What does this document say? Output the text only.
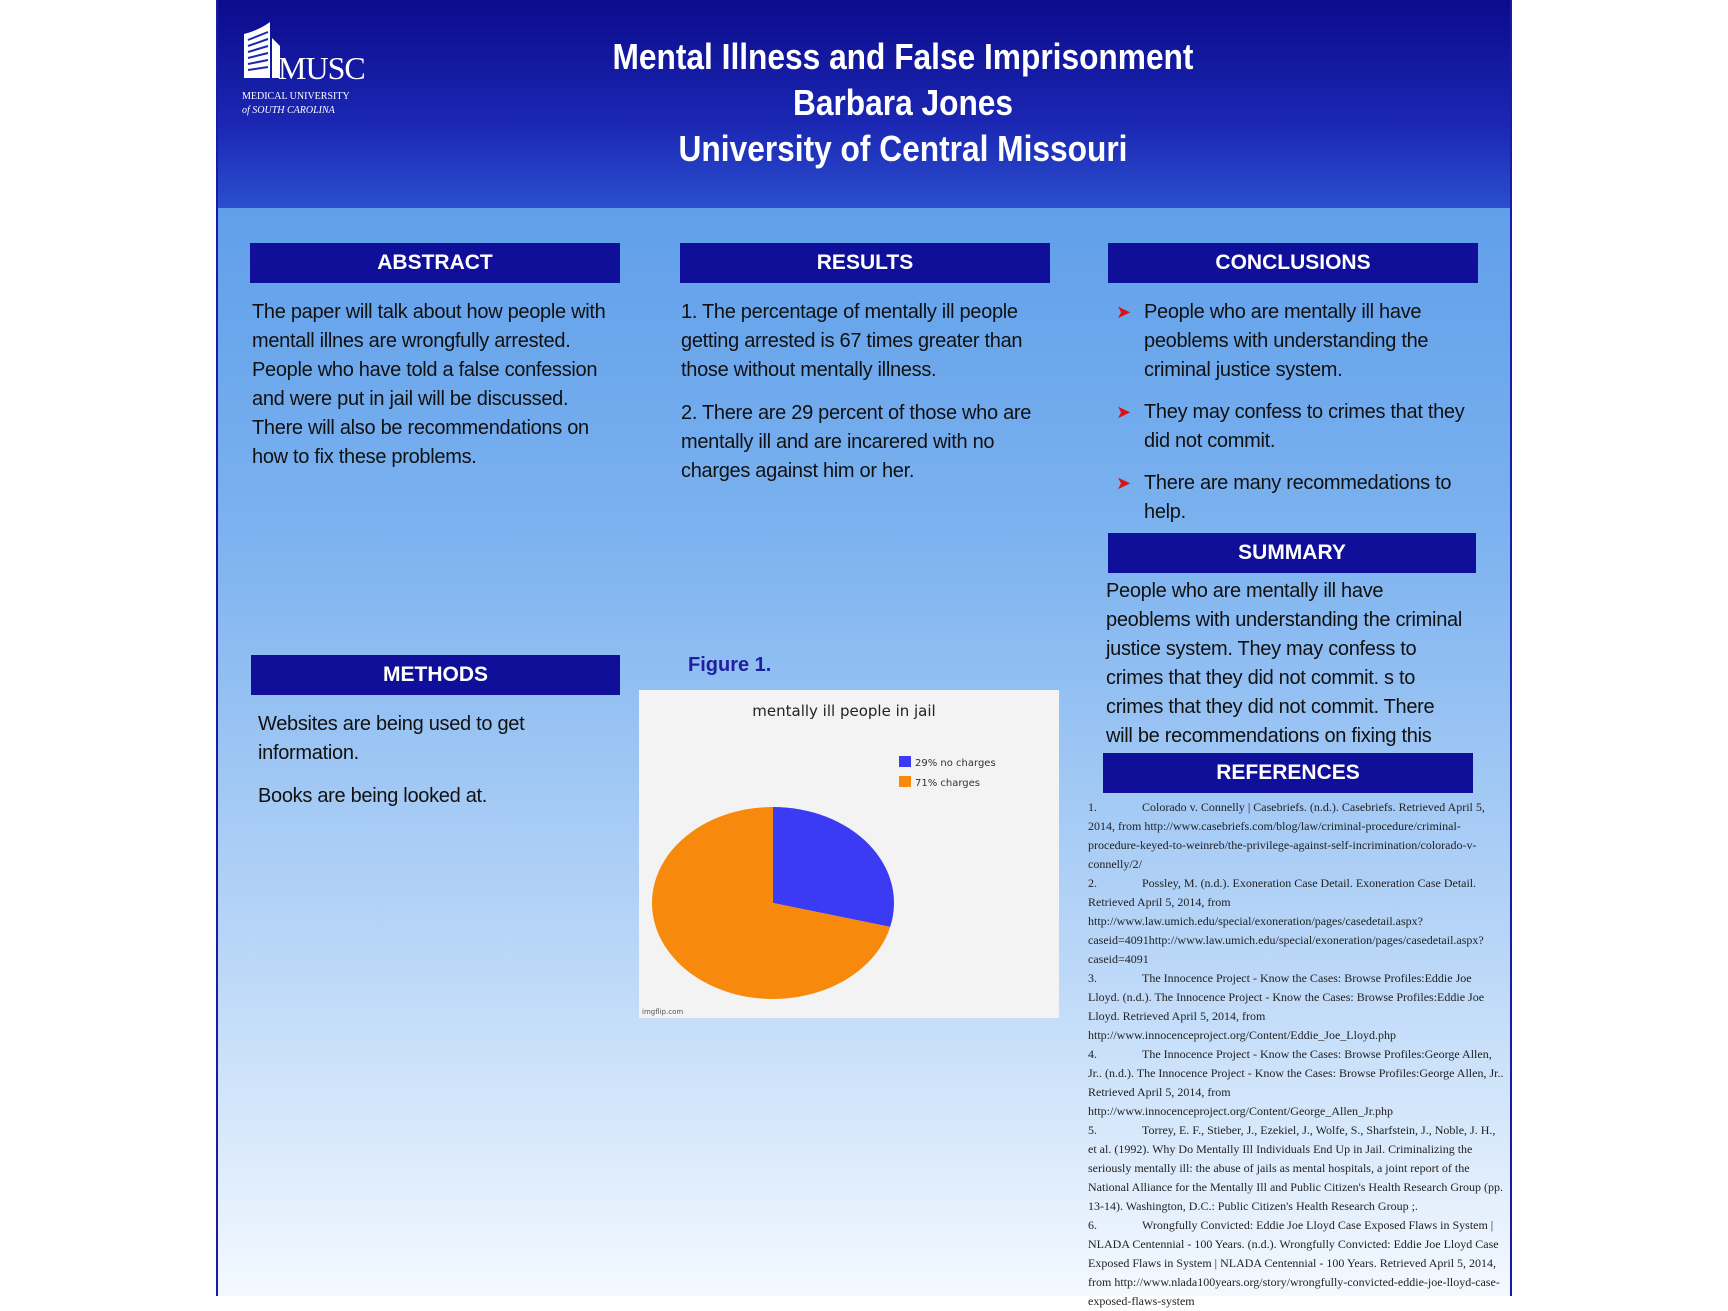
MUSC
MEDICAL UNIVERSITY
of SOUTH CAROLINA
Mental Illness and False Imprisonment
Barbara Jones
University of Central Missouri
ABSTRACT
The paper will talk about how people with mentall illnes are wrongfully arrested. People who have told a false confession and were put in jail will be discussed. There will also be recommendations on how to fix these problems.
RESULTS

1. The percentage of mentally ill people getting arrested is 67 times greater than those without mentally illness.

2. There are 29 percent of those who are mentally ill and are incarered with no charges against him or her.

CONCLUSIONS
➤ People who are mentally ill have peoblems with understanding the criminal justice system.
➤ They may confess to crimes that they did not commit.
➤ There are many recommedations to help.
SUMMARY
People who are mentally ill have peoblems with understanding the criminal justice system. They may confess to crimes that they did not commit. s to crimes that they did not commit. There will be recommendations on fixing this
METHODS

Websites are being used to get information.

Books are being looked at.

Figure 1.
mentally ill people in jail
29% no charges
71% charges
imgflip.com
REFERENCES

1.	Colorado v. Connelly | Casebriefs. (n.d.). Casebriefs. Retrieved April 5, 2014, from http://www.casebriefs.com/blog/law/criminal-procedure/criminal-procedure-keyed-to-weinreb/the-privilege-against-self-incrimination/colorado-v-connelly/2/

2.	Possley, M. (n.d.). Exoneration Case Detail. Exoneration Case Detail. Retrieved April 5, 2014, from http://www.law.umich.edu/special/exoneration/pages/casedetail.aspx?caseid=4091http://www.law.umich.edu/special/exoneration/pages/casedetail.aspx?caseid=4091

3.	The Innocence Project - Know the Cases: Browse Profiles:Eddie Joe Lloyd. (n.d.). The Innocence Project - Know the Cases: Browse Profiles:Eddie Joe Lloyd. Retrieved April 5, 2014, from http://www.innocenceproject.org/Content/Eddie_Joe_Lloyd.php

4.	The Innocence Project - Know the Cases: Browse Profiles:George Allen, Jr.. (n.d.). The Innocence Project - Know the Cases: Browse Profiles:George Allen, Jr.. Retrieved April 5, 2014, from http://www.innocenceproject.org/Content/George_Allen_Jr.php

5.	Torrey, E. F., Stieber, J., Ezekiel, J., Wolfe, S., Sharfstein, J., Noble, J. H., et al. (1992). Why Do Mentally Ill Individuals End Up in Jail. Criminalizing the seriously mentally ill: the abuse of jails as mental hospitals, a joint report of the National Alliance for the Mentally Ill and Public Citizen's Health Research Group (pp. 13-14). Washington, D.C.: Public Citizen's Health Research Group ;.

6.	Wrongfully Convicted: Eddie Joe Lloyd Case Exposed Flaws in System | NLADA Centennial - 100 Years. (n.d.). Wrongfully Convicted: Eddie Joe Lloyd Case Exposed Flaws in System | NLADA Centennial - 100 Years. Retrieved April 5, 2014, from http://www.nlada100years.org/story/wrongfully-convicted-eddie-joe-lloyd-case-exposed-flaws-system
